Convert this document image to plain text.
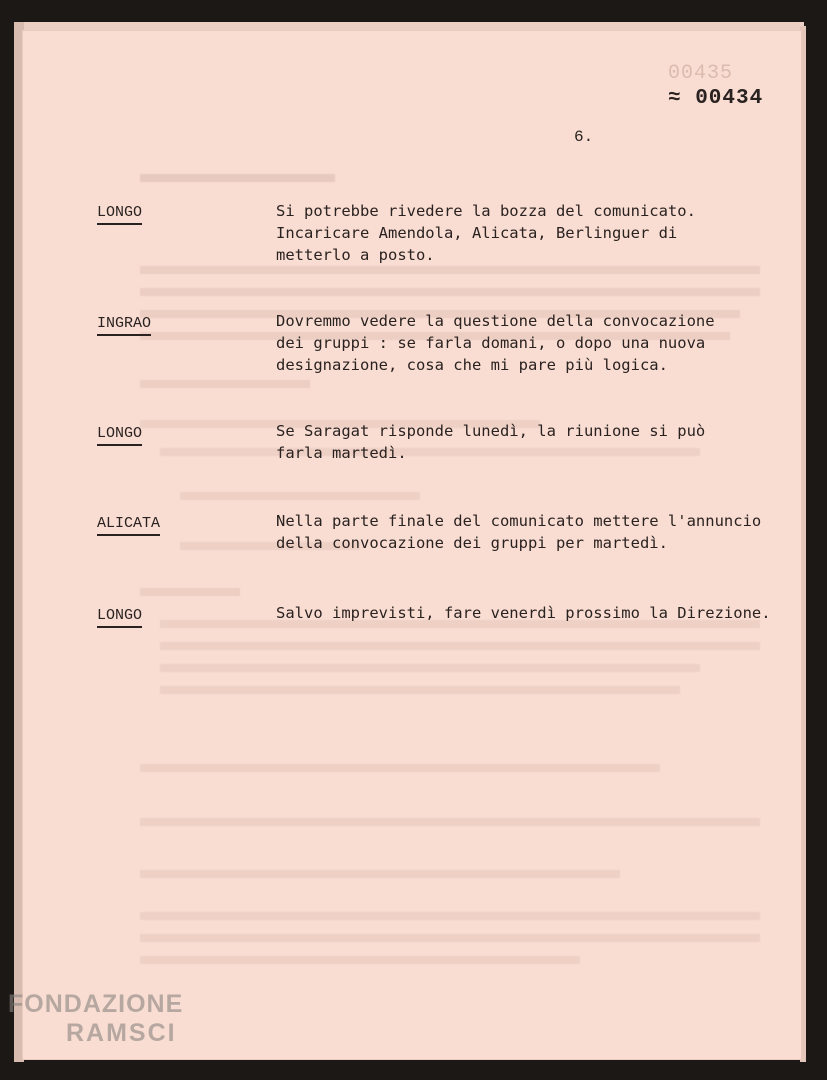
00435
≈ 00434
6.
LONGO	Si potrebbe rivedere la bozza del comunicato.
Incaricare Amendola, Alicata, Berlinguer di
metterlo a posto.
INGRAO	Dovremmo vedere la questione della convocazione
dei gruppi : se farla domani, o dopo una nuova
designazione, cosa che mi pare più logica.
LONGO	Se Saragat risponde lunedì, la riunione si può
farla martedì.
ALICATA	Nella parte finale del comunicato mettere l'annuncio
della convocazione dei gruppi per martedì.
LONGO	Salvo imprevisti, fare venerdì prossimo la Direzione.
FONDAZIONE
RAMSCI
